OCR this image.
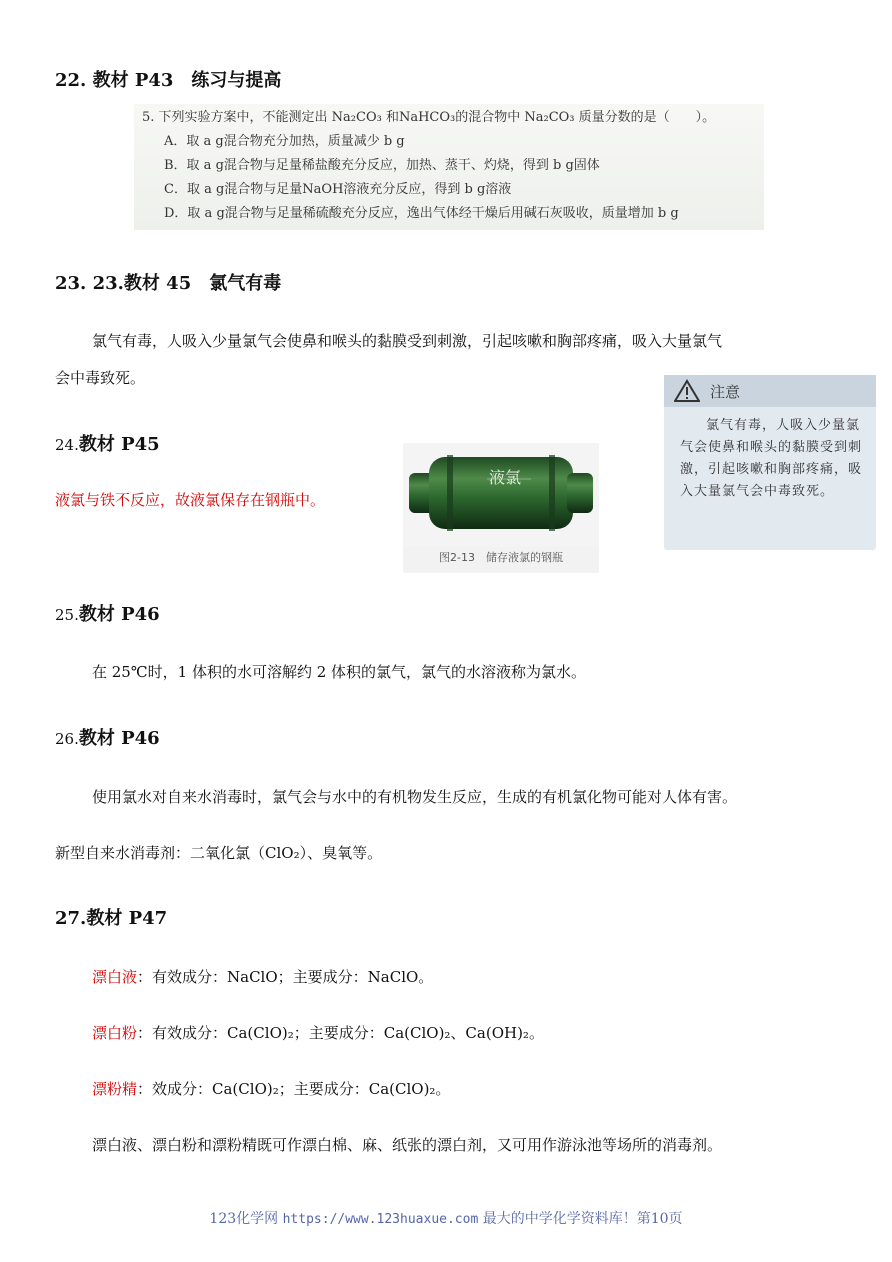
22. 教材 P43　练习与提高
5. 下列实验方案中，不能测定出 Na₂CO₃ 和NaHCO₃的混合物中 Na₂CO₃ 质量分数的是（　　）。
A．取 a g混合物充分加热，质量减少 b g
B．取 a g混合物与足量稀盐酸充分反应，加热、蒸干、灼烧，得到 b g固体
C．取 a g混合物与足量NaOH溶液充分反应，得到 b g溶液
D．取 a g混合物与足量稀硫酸充分反应，逸出气体经干燥后用碱石灰吸收，质量增加 b g
23. 23.教材 45　氯气有毒
氯气有毒，人吸入少量氯气会使鼻和喉头的黏膜受到刺激，引起咳嗽和胸部疼痛，吸入大量氯气
会中毒致死。
注意
氯气有毒，人吸入少量氯气会使鼻和喉头的黏膜受到刺激，引起咳嗽和胸部疼痛，吸入大量氯气会中毒致死。
24.教材 P45
液氯与铁不反应，故液氯保存在钢瓶中。
液氯
图2-13　储存液氯的钢瓶
25.教材 P46
在 25℃时，1 体积的水可溶解约 2 体积的氯气，氯气的水溶液称为氯水。
26.教材 P46
使用氯水对自来水消毒时，氯气会与水中的有机物发生反应，生成的有机氯化物可能对人体有害。
新型自来水消毒剂：二氧化氯（ClO₂）、臭氧等。
27.教材 P47
漂白液：有效成分：NaClO；主要成分：NaClO。
漂白粉：有效成分：Ca(ClO)₂；主要成分：Ca(ClO)₂、Ca(OH)₂。
漂粉精：效成分：Ca(ClO)₂；主要成分：Ca(ClO)₂。
漂白液、漂白粉和漂粉精既可作漂白棉、麻、纸张的漂白剂，又可用作游泳池等场所的消毒剂。
123化学网 https://www.123huaxue.com 最大的中学化学资料库！第10页
